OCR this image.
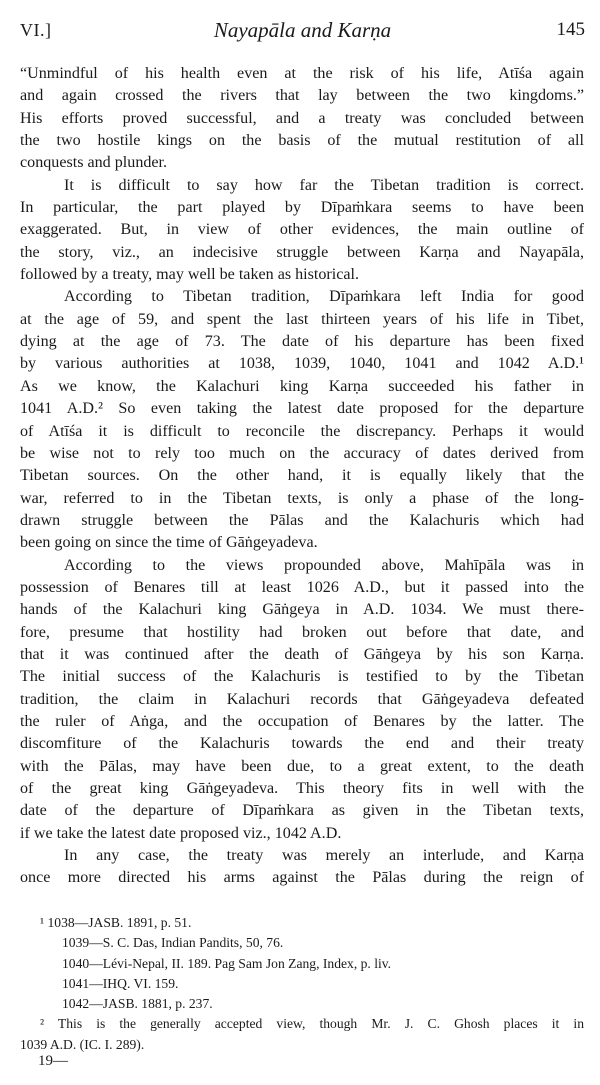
VI.]	Nayapāla and Karṇa	145
“Unmindful of his health even at the risk of his life, Atīśa again
and again crossed the rivers that lay between the two kingdoms.”
His efforts proved successful, and a treaty was concluded between
the two hostile kings on the basis of the mutual restitution of all
conquests and plunder.
It is difficult to say how far the Tibetan tradition is correct.
In particular, the part played by Dīpaṁkara seems to have been
exaggerated. But, in view of other evidences, the main outline of
the story, viz., an indecisive struggle between Karṇa and Nayapāla,
followed by a treaty, may well be taken as historical.
According to Tibetan tradition, Dīpaṁkara left India for good
at the age of 59, and spent the last thirteen years of his life in Tibet,
dying at the age of 73. The date of his departure has been fixed
by various authorities at 1038, 1039, 1040, 1041 and 1042 A.D.¹
As we know, the Kalachuri king Karṇa succeeded his father in
1041 A.D.² So even taking the latest date proposed for the departure
of Atīśa it is difficult to reconcile the discrepancy. Perhaps it would
be wise not to rely too much on the accuracy of dates derived from
Tibetan sources. On the other hand, it is equally likely that the
war, referred to in the Tibetan texts, is only a phase of the long-
drawn struggle between the Pālas and the Kalachuris which had
been going on since the time of Gāṅgeyadeva.
According to the views propounded above, Mahīpāla was in
possession of Benares till at least 1026 A.D., but it passed into the
hands of the Kalachuri king Gāṅgeya in A.D. 1034. We must there-
fore, presume that hostility had broken out before that date, and
that it was continued after the death of Gāṅgeya by his son Karṇa.
The initial success of the Kalachuris is testified to by the Tibetan
tradition, the claim in Kalachuri records that Gāṅgeyadeva defeated
the ruler of Aṅga, and the occupation of Benares by the latter. The
discomfiture of the Kalachuris towards the end and their treaty
with the Pālas, may have been due, to a great extent, to the death
of the great king Gāṅgeyadeva. This theory fits in well with the
date of the departure of Dīpaṁkara as given in the Tibetan texts,
if we take the latest date proposed viz., 1042 A.D.
In any case, the treaty was merely an interlude, and Karṇa
once more directed his arms against the Pālas during the reign of
¹ 1038—JASB. 1891, p. 51.
1039—S. C. Das, Indian Pandits, 50, 76.
1040—Lévi-Nepal, II. 189. Pag Sam Jon Zang, Index, p. liv.
1041—IHQ. VI. 159.
1042—JASB. 1881, p. 237.
² This is the generally accepted view, though Mr. J. C. Ghosh places it in
1039 A.D. (IC. I. 289).
19—
